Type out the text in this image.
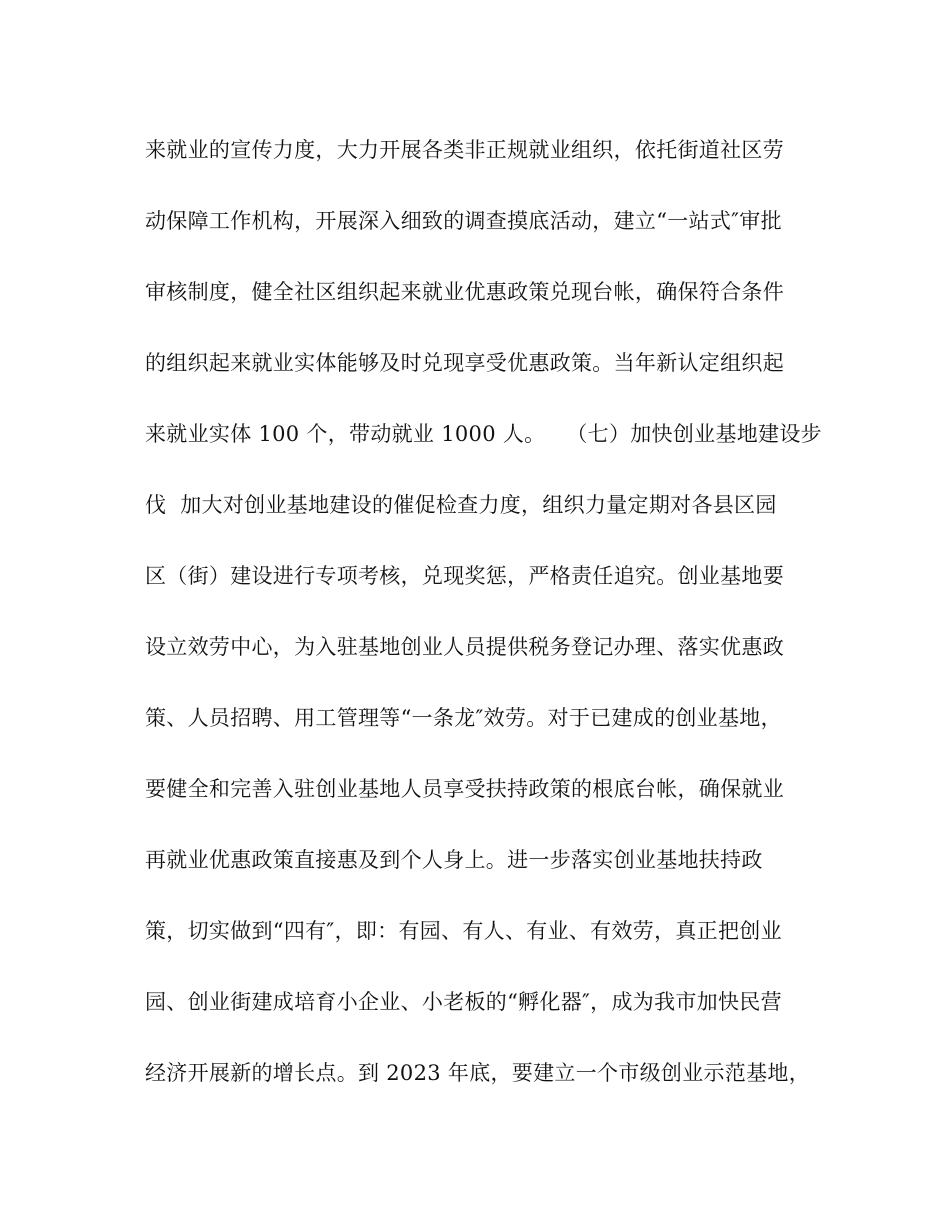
来就业的宣传力度，大力开展各类非正规就业组织，依托街道社区劳
动保障工作机构，开展深入细致的调查摸底活动，建立“一站式″审批
审核制度，健全社区组织起来就业优惠政策兑现台帐，确保符合条件
的组织起来就业实体能够及时兑现享受优惠政策。当年新认定组织起
来就业实体 100 个，带动就业 1000 人。   （七）加快创业基地建设步
伐  加大对创业基地建设的催促检查力度，组织力量定期对各县区园
区（街）建设进行专项考核，兑现奖惩，严格责任追究。创业基地要
设立效劳中心，为入驻基地创业人员提供税务登记办理、落实优惠政
策、人员招聘、用工管理等“一条龙″效劳。对于已建成的创业基地，
要健全和完善入驻创业基地人员享受扶持政策的根底台帐，确保就业
再就业优惠政策直接惠及到个人身上。进一步落实创业基地扶持政
策，切实做到“四有″，即：有园、有人、有业、有效劳，真正把创业
园、创业街建成培育小企业、小老板的“孵化器″，成为我市加快民营
经济开展新的增长点。到 2023 年底，要建立一个市级创业示范基地，
